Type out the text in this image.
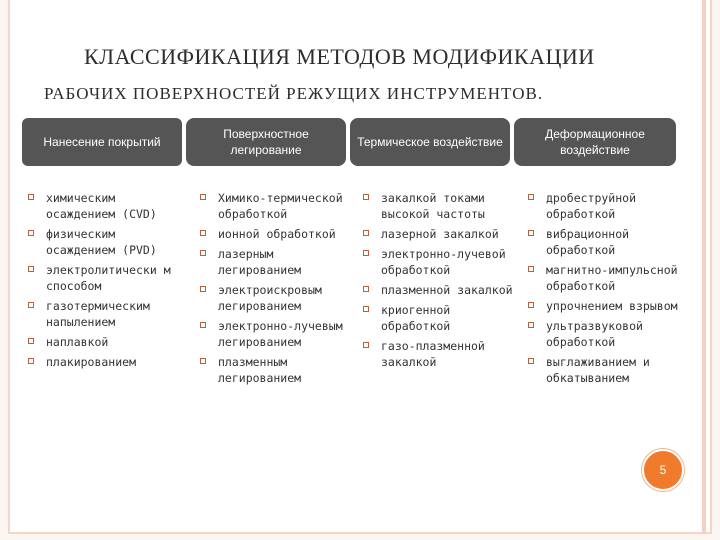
КЛАССИФИКАЦИЯ МЕТОДОВ МОДИФИКАЦИИ
РАБОЧИХ ПОВЕРХНОСТЕЙ РЕЖУЩИХ ИНСТРУМЕНТОВ.
Нанесение покрытий
Поверхностное легирование
Термическое воздействие
Деформационное воздействие
химическим осаждением (CVD)
физическим осаждением (PVD)
электролитически м способом
газотермическим напылением
наплавкой
плакированием
Химико-термической обработкой
ионной обработкой
лазерным легированием
электроискровым легированием
электронно-лучевым легированием
плазменным легированием
закалкой токами высокой частоты
лазерной закалкой
электронно-лучевой обработкой
плазменной закалкой
криогенной обработкой
газо-плазменной закалкой
дробеструйной обработкой
вибрационной обработкой
магнитно-импульсной обработкой
упрочнением взрывом
ультразвуковой обработкой
выглаживанием и обкатыванием
5
